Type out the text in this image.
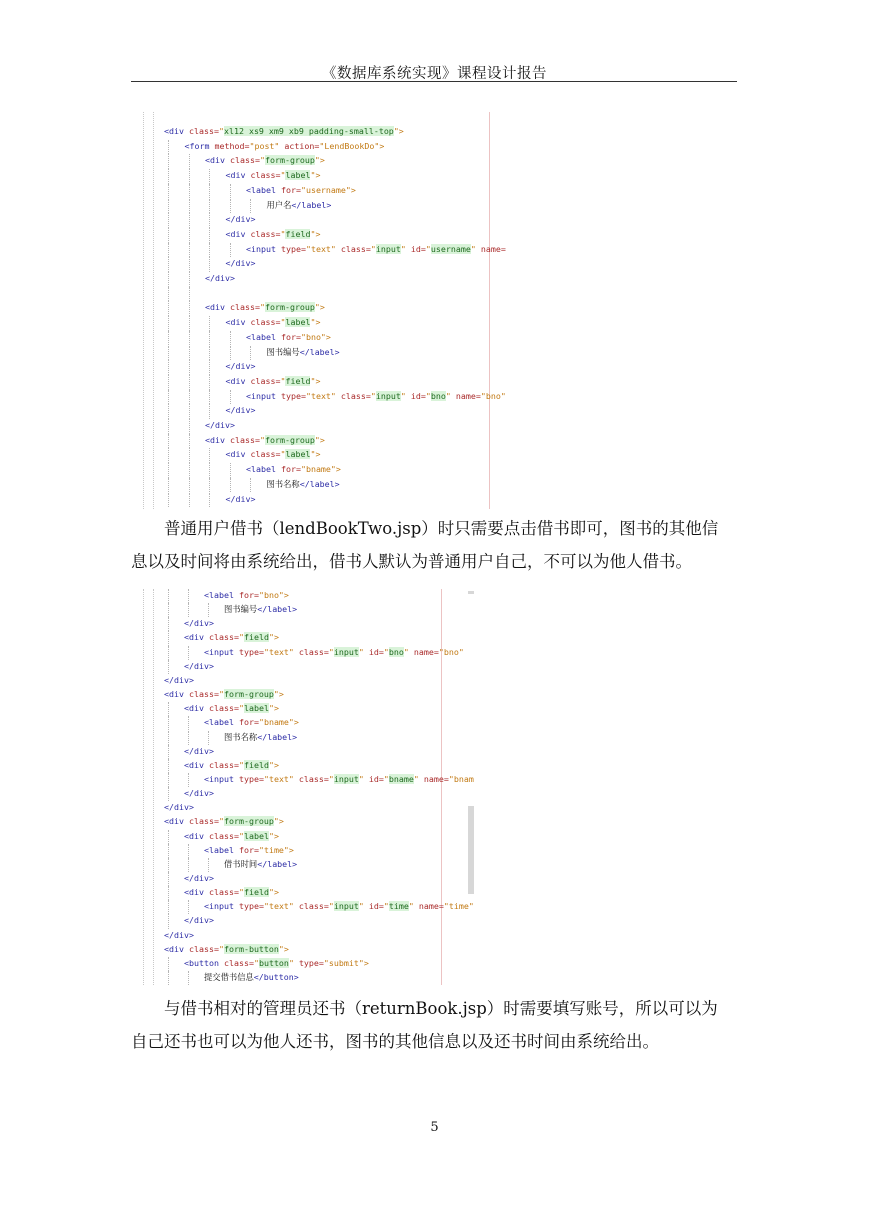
《数据库系统实现》课程设计报告
<div class="xl12 xs9 xm9 xb9 padding-small-top">
<form method="post" action="LendBookDo">
<div class="form-group">
<div class="label">
<label for="username">
用户名</label>
</div>
<div class="field">
<input type="text" class="input" id="username" name=
</div>
</div>
<div class="form-group">
<div class="label">
<label for="bno">
图书编号</label>
</div>
<div class="field">
<input type="text" class="input" id="bno" name="bno"
</div>
</div>
<div class="form-group">
<div class="label">
<label for="bname">
图书名称</label>
</div>
普通用户借书（lendBookTwo.jsp）时只需要点击借书即可，图书的其他信
息以及时间将由系统给出，借书人默认为普通用户自己，不可以为他人借书。
<label for="bno">
图书编号</label>
</div>
<div class="field">
<input type="text" class="input" id="bno" name="bno"
</div>
</div>
<div class="form-group">
<div class="label">
<label for="bname">
图书名称</label>
</div>
<div class="field">
<input type="text" class="input" id="bname" name="bnam
</div>
</div>
<div class="form-group">
<div class="label">
<label for="time">
借书时间</label>
</div>
<div class="field">
<input type="text" class="input" id="time" name="time"
</div>
</div>
<div class="form-button">
<button class="button" type="submit">
提交借书信息</button>
与借书相对的管理员还书（returnBook.jsp）时需要填写账号，所以可以为
自己还书也可以为他人还书，图书的其他信息以及还书时间由系统给出。
5
